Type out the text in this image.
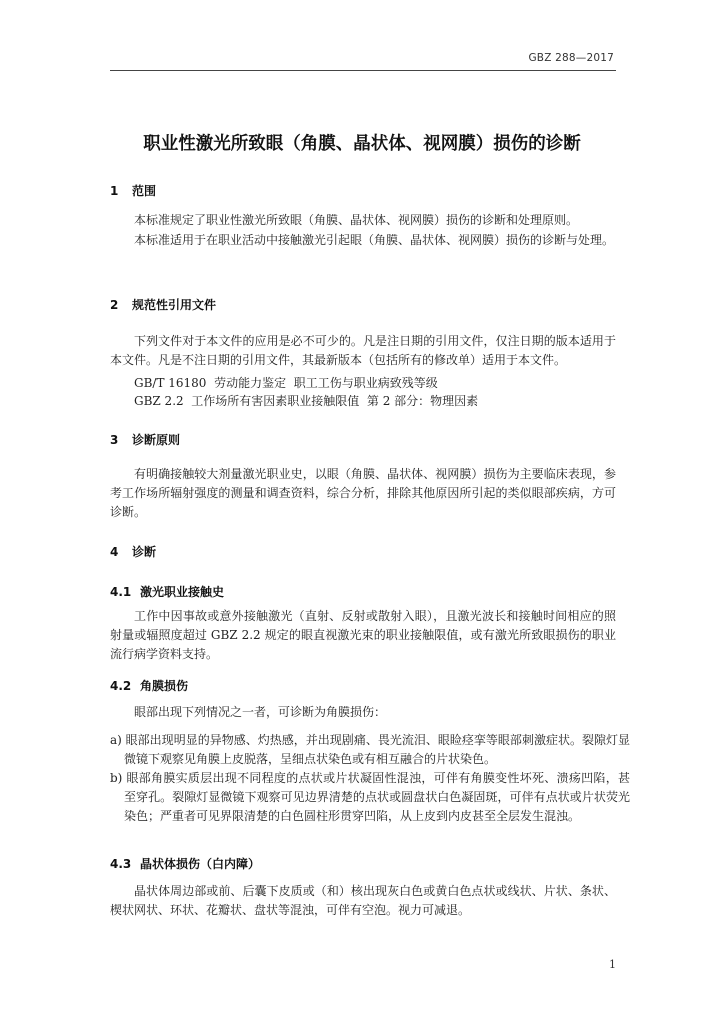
GBZ 288—2017
职业性激光所致眼（角膜、晶状体、视网膜）损伤的诊断
1 范围

本标准规定了职业性激光所致眼（角膜、晶状体、视网膜）损伤的诊断和处理原则。

本标准适用于在职业活动中接触激光引起眼（角膜、晶状体、视网膜）损伤的诊断与处理。

2 规范性引用文件

下列文件对于本文件的应用是必不可少的。凡是注日期的引用文件，仅注日期的版本适用于本文件。凡是不注日期的引用文件，其最新版本（包括所有的修改单）适用于本文件。

GB/T 16180  劳动能力鉴定  职工工伤与职业病致残等级
GBZ 2.2  工作场所有害因素职业接触限值  第 2 部分：物理因素
3 诊断原则

有明确接触较大剂量激光职业史，以眼（角膜、晶状体、视网膜）损伤为主要临床表现，参考工作场所辐射强度的测量和调查资料，综合分析，排除其他原因所引起的类似眼部疾病，方可诊断。

4 诊断
4.1 激光职业接触史

工作中因事故或意外接触激光（直射、反射或散射入眼），且激光波长和接触时间相应的照射量或辐照度超过 GBZ 2.2 规定的眼直视激光束的职业接触限值，或有激光所致眼损伤的职业流行病学资料支持。

4.2 角膜损伤

眼部出现下列情况之一者，可诊断为角膜损伤：

a) 眼部出现明显的异物感、灼热感，并出现剧痛、畏光流泪、眼睑痉挛等眼部刺激症状。裂隙灯显微镜下观察见角膜上皮脱落，呈细点状染色或有相互融合的片状染色。

b) 眼部角膜实质层出现不同程度的点状或片状凝固性混浊，可伴有角膜变性坏死、溃疡凹陷，甚至穿孔。裂隙灯显微镜下观察可见边界清楚的点状或圆盘状白色凝固斑，可伴有点状或片状荧光染色；严重者可见界限清楚的白色圆柱形贯穿凹陷，从上皮到内皮甚至全层发生混浊。

4.3 晶状体损伤（白内障）

晶状体周边部或前、后囊下皮质或（和）核出现灰白色或黄白色点状或线状、片状、条状、楔状网状、环状、花瓣状、盘状等混浊，可伴有空泡。视力可减退。

1
